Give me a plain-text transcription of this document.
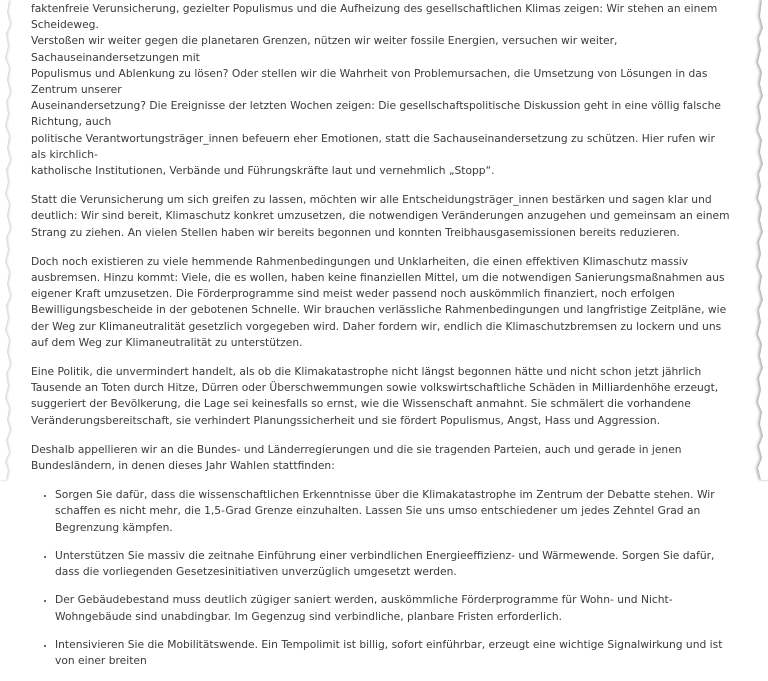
faktenfreie Verunsicherung, gezielter Populismus und die Aufheizung des gesellschaftlichen Klimas zeigen: Wir stehen an einem Scheideweg.
Verstoßen wir weiter gegen die planetaren Grenzen, nützen wir weiter fossile Energien, versuchen wir weiter, Sachauseinandersetzungen mit
Populismus und Ablenkung zu lösen? Oder stellen wir die Wahrheit von Problemursachen, die Umsetzung von Lösungen in das Zentrum unserer
Auseinandersetzung? Die Ereignisse der letzten Wochen zeigen: Die gesellschaftspolitische Diskussion geht in eine völlig falsche Richtung, auch
politische Verantwortungsträger_innen befeuern eher Emotionen, statt die Sachauseinandersetzung zu schützen. Hier rufen wir als kirchlich-
katholische Institutionen, Verbände und Führungskräfte laut und vernehmlich „Stopp“.

Statt die Verunsicherung um sich greifen zu lassen, möchten wir alle Entscheidungsträger_innen bestärken und sagen klar und deutlich: Wir sind bereit, Klimaschutz konkret umzusetzen, die notwendigen Veränderungen anzugehen und gemeinsam an einem Strang zu ziehen. An vielen Stellen haben wir bereits begonnen und konnten Treibhausgasemissionen bereits reduzieren.

Doch noch existieren zu viele hemmende Rahmenbedingungen und Unklarheiten, die einen effektiven Klimaschutz massiv ausbremsen. Hinzu kommt: Viele, die es wollen, haben keine finanziellen Mittel, um die notwendigen Sanierungsmaßnahmen aus eigener Kraft umzusetzen. Die Förderprogramme sind meist weder passend noch auskömmlich finanziert, noch erfolgen Bewilligungsbescheide in der gebotenen Schnelle. Wir brauchen verlässliche Rahmenbedingungen und langfristige Zeitpläne, wie der Weg zur Klimaneutralität gesetzlich vorgegeben wird. Daher fordern wir, endlich die Klimaschutzbremsen zu lockern und uns auf dem Weg zur Klimaneutralität zu unterstützen.

Eine Politik, die unvermindert handelt, als ob die Klimakatastrophe nicht längst begonnen hätte und nicht schon jetzt jährlich Tausende an Toten durch Hitze, Dürren oder Überschwemmungen sowie volkswirtschaftliche Schäden in Milliardenhöhe erzeugt, suggeriert der Bevölkerung, die Lage sei keinesfalls so ernst, wie die Wissenschaft anmahnt. Sie schmälert die vorhandene Veränderungsbereitschaft, sie verhindert Planungssicherheit und sie fördert Populismus, Angst, Hass und Aggression.

Deshalb appellieren wir an die Bundes- und Länderregierungen und die sie tragenden Parteien, auch und gerade in jenen Bundesländern, in denen dieses Jahr Wahlen stattfinden:

• Sorgen Sie dafür, dass die wissenschaftlichen Erkenntnisse über die Klimakatastrophe im Zentrum der Debatte stehen. Wir schaffen es nicht mehr, die 1,5-Grad Grenze einzuhalten. Lassen Sie uns umso entschiedener um jedes Zehntel Grad an Begrenzung kämpfen.
• Unterstützen Sie massiv die zeitnahe Einführung einer verbindlichen Energieeffizienz- und Wärmewende. Sorgen Sie dafür, dass die vorliegenden Gesetzesinitiativen unverzüglich umgesetzt werden.
• Der Gebäudebestand muss deutlich zügiger saniert werden, auskömmliche Förderprogramme für Wohn- und Nicht-Wohngebäude sind unabdingbar. Im Gegenzug sind verbindliche, planbare Fristen erforderlich.
• Intensivieren Sie die Mobilitätswende. Ein Tempolimit ist billig, sofort einführbar, erzeugt eine wichtige Signalwirkung und ist von einer breiten
